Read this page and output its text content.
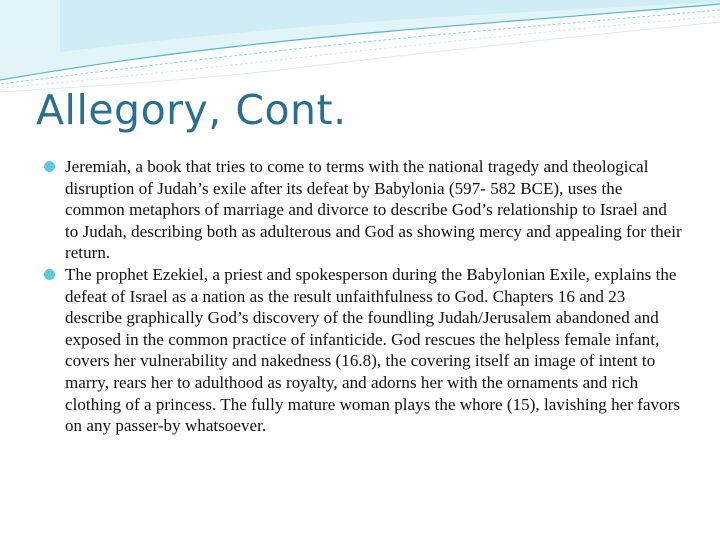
Allegory, Cont.
Jeremiah, a book that tries to come to terms with the national tragedy and theological disruption of Judah’s exile after its defeat by Babylonia (597- 582 BCE), uses the common metaphors of marriage and divorce to describe God’s relationship to Israel and to Judah, describing both as adulterous and God as showing mercy and appealing for their return.
The prophet Ezekiel, a priest and spokesperson during the Babylonian Exile, explains the defeat of Israel as a nation as the result unfaithfulness to God. Chapters 16 and 23 describe graphically God’s discovery of the foundling Judah/Jerusalem abandoned and exposed in the common practice of infanticide. God rescues the helpless female infant, covers her vulnerability and nakedness (16.8), the covering itself an image of intent to marry, rears her to adulthood as royalty, and adorns her with the ornaments and rich clothing of a princess. The fully mature woman plays the whore (15), lavishing her favors on any passer-by whatsoever.
